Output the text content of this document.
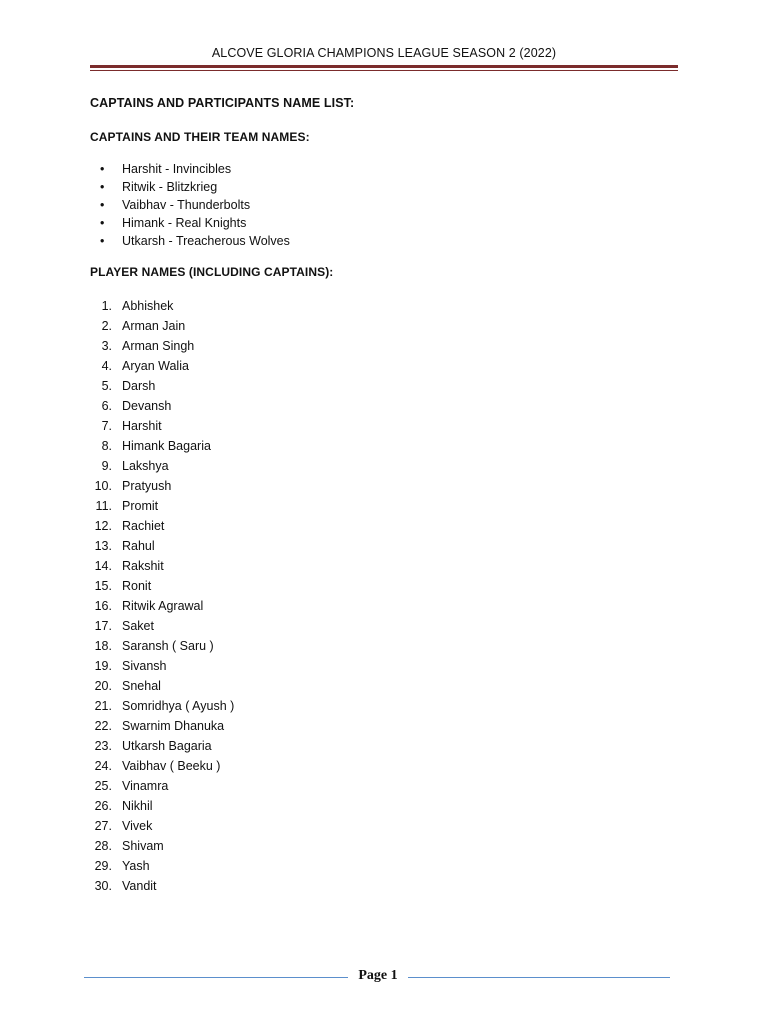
ALCOVE GLORIA CHAMPIONS LEAGUE SEASON 2 (2022)
CAPTAINS AND PARTICIPANTS NAME LIST:
CAPTAINS AND THEIR TEAM NAMES:
•	Harshit - Invincibles
•	Ritwik - Blitzkrieg
•	Vaibhav - Thunderbolts
•	Himank - Real Knights
•	Utkarsh - Treacherous Wolves
PLAYER NAMES (INCLUDING CAPTAINS):
1. Abhishek
2. Arman Jain
3. Arman Singh
4. Aryan Walia
5. Darsh
6. Devansh
7. Harshit
8. Himank Bagaria
9. Lakshya
10. Pratyush
11. Promit
12. Rachiet
13. Rahul
14. Rakshit
15. Ronit
16. Ritwik Agrawal
17. Saket
18. Saransh ( Saru )
19. Sivansh
20. Snehal
21. Somridhya ( Ayush )
22. Swarnim Dhanuka
23. Utkarsh Bagaria
24. Vaibhav ( Beeku )
25. Vinamra
26. Nikhil
27. Vivek
28. Shivam
29. Yash
30. Vandit
Page 1
